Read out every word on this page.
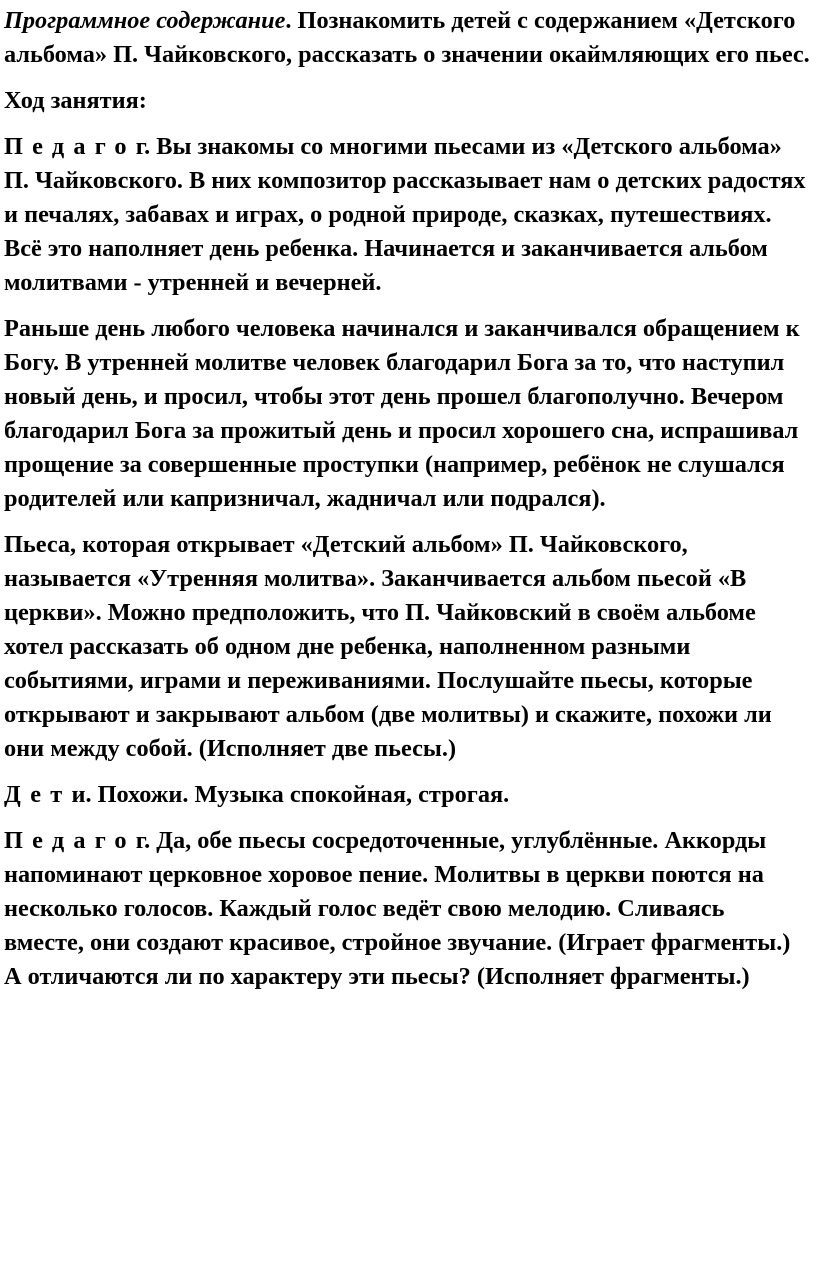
Программное содержание. Познакомить детей с содержанием «Детского альбома» П. Чайковского, рассказать о значении окаймляющих его пьес.

Ход занятия:

Педагог. Вы знакомы со многими пьесами из «Детского альбома» П. Чайковского. В них композитор рассказывает нам о детских радостях и печалях, забавах и играх, о родной природе, сказках, путешествиях. Всё это наполняет день ребенка. Начинается и заканчивается альбом молитвами - утренней и вечерней.

Раньше день любого человека начинался и заканчивался обращением к Богу. В утренней молитве человек благодарил Бога за то, что наступил новый день, и просил, чтобы этот день прошел благополучно. Вечером благодарил Бога за прожитый день и просил хорошего сна, испрашивал прощение за совершенные проступки (например, ребёнок не слушался родителей или капризничал, жадничал или подрался).

Пьеса, которая открывает «Детский альбом» П. Чайковского, называется «Утренняя молитва». Заканчивается альбом пьесой «В церкви». Можно предположить, что П. Чайковский в своём альбоме хотел рассказать об одном дне ребенка, наполненном разными событиями, играми и переживаниями. Послушайте пьесы, которые открывают и закрывают альбом (две молитвы) и скажите, похожи ли они между собой. (Исполняет две пьесы.)

Дети. Похожи. Музыка спокойная, строгая.

Педагог. Да, обе пьесы сосредоточенные, углублённые. Аккорды напоминают церковное хоровое пение. Молитвы в церкви поются на несколько голосов. Каждый голос ведёт свою мелодию. Сливаясь вместе, они создают красивое, стройное звучание. (Играет фрагменты.) А отличаются ли по характеру эти пьесы? (Исполняет фрагменты.)
